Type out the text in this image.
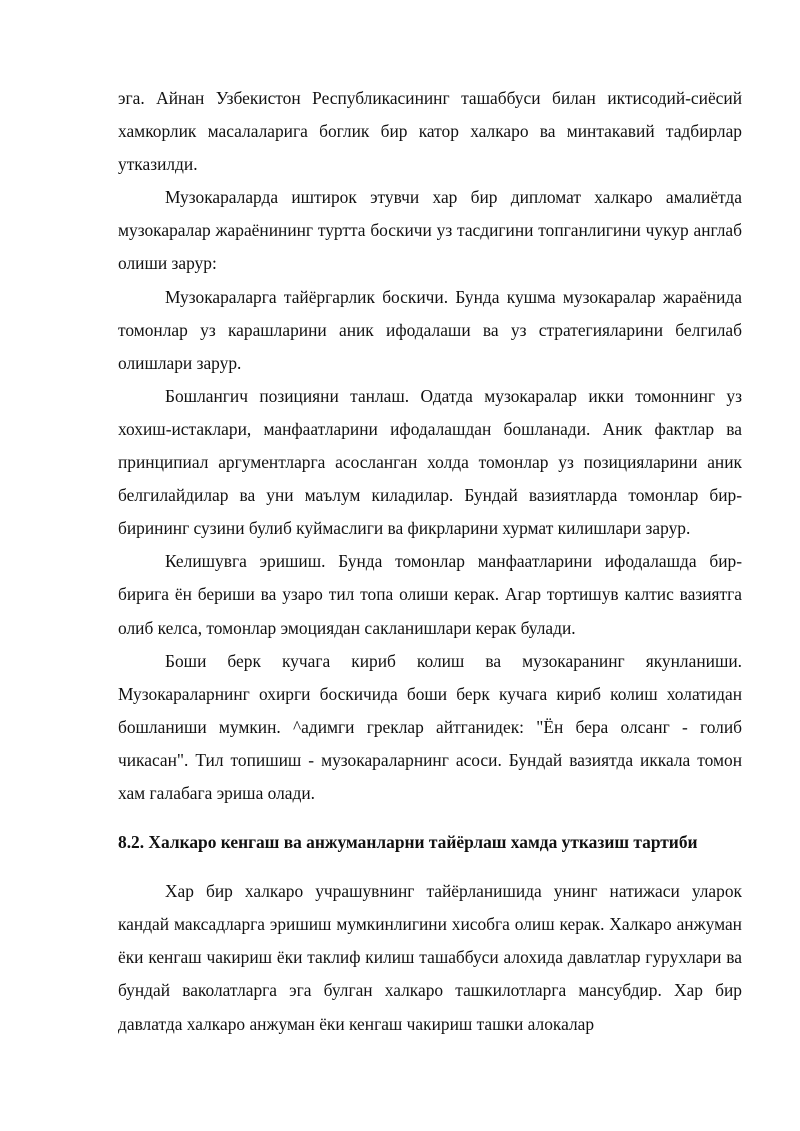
эга. Айнан Узбекистон Республикасининг ташаббуси билан иктисодий-сиёсий хамкорлик масалаларига боглик бир катор халкаро ва минтакавий тадбирлар утказилди.

Музокараларда иштирок этувчи хар бир дипломат халкаро амалиётда музокаралар жараёнининг туртта боскичи уз тасдигини топганлигини чукур англаб олиши зарур:

Музокараларга тайёргарлик боскичи. Бунда кушма музокаралар жараёнида томонлар уз карашларини аник ифодалаши ва уз стратегияларини белгилаб олишлари зарур.

Бошлангич позицияни танлаш. Одатда музокаралар икки томоннинг уз хохиш-истаклари, манфаатларини ифодалашдан бошланади. Аник фактлар ва принципиал аргументларга асосланган холда томонлар уз позицияларини аник белгилайдилар ва уни маълум киладилар. Бундай вазиятларда томонлар бир-бирининг сузини булиб куймаслиги ва фикрларини хурмат килишлари зарур.

Келишувга эришиш. Бунда томонлар манфаатларини ифодалашда бир-бирига ён бериши ва узаро тил топа олиши керак. Агар тортишув калтис вазиятга олиб келса, томонлар эмоциядан сакланишлари керак булади.

Боши берк кучага кириб колиш ва музокаранинг якунланиши. Музокараларнинг охирги боскичида боши берк кучага кириб колиш холатидан бошланиши мумкин. ^адимги греклар айтганидек: "Ён бера олсанг - голиб чикасан". Тил топишиш - музокараларнинг асоси. Бундай вазиятда иккала томон хам галабага эриша олади.

8.2. Халкаро кенгаш ва анжуманларни тайёрлаш хамда утказиш тартиби

Хар бир халкаро учрашувнинг тайёрланишида унинг натижаси уларок кандай максадларга эришиш мумкинлигини хисобга олиш керак. Халкаро анжуман ёки кенгаш чакириш ёки таклиф килиш ташаббуси алохида давлатлар гурухлари ва бундай ваколатларга эга булган халкаро ташкилотларга мансубдир. Хар бир давлатда халкаро анжуман ёки кенгаш чакириш ташки алокалар
